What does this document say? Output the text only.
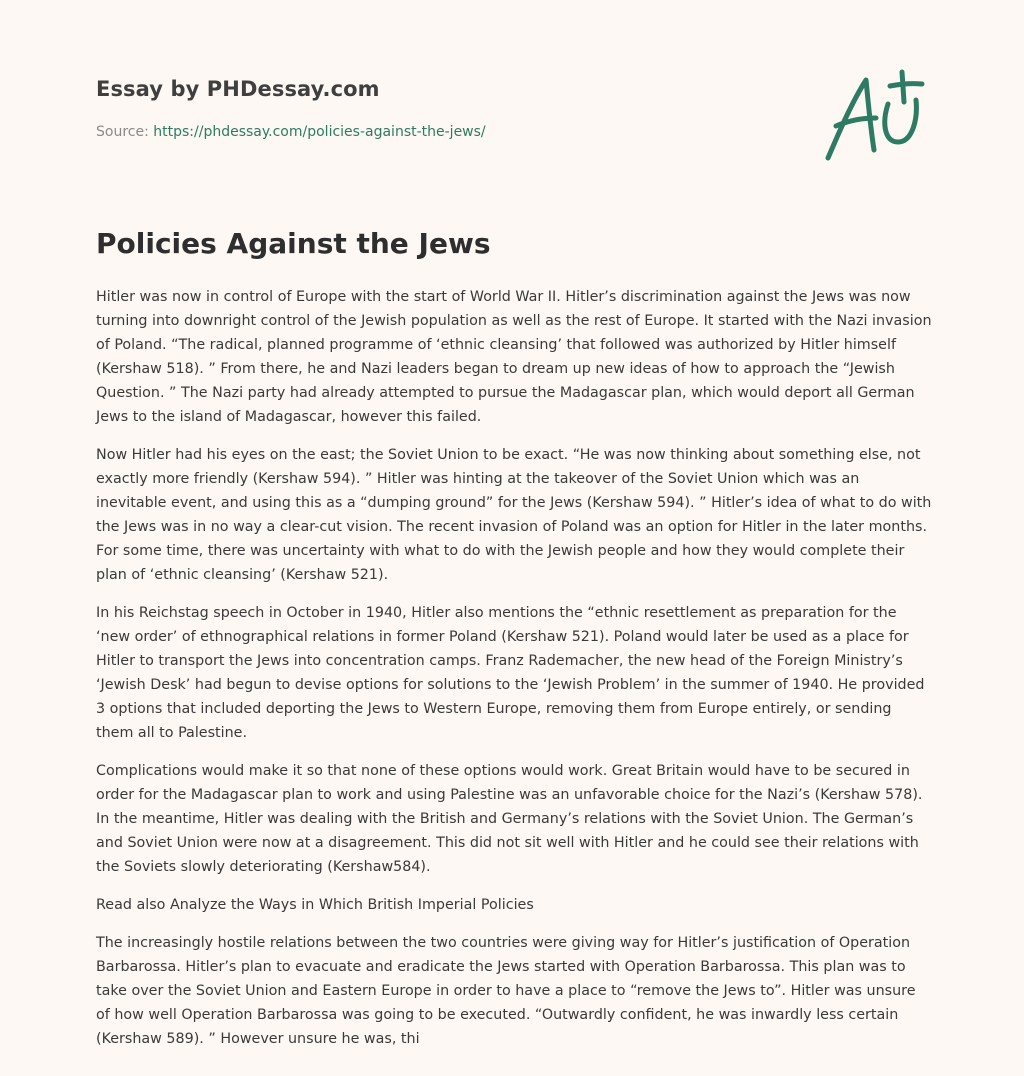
Essay by PHDessay.com
Source: https://phdessay.com/policies-against-the-jews/
Policies Against the Jews

Hitler was now in control of Europe with the start of World War II. Hitler’s discrimination against the Jews was now turning into downright control of the Jewish population as well as the rest of Europe. It started with the Nazi invasion of Poland. “The radical, planned programme of ‘ethnic cleansing’ that followed was authorized by Hitler himself (Kershaw 518). ” From there, he and Nazi leaders began to dream up new ideas of how to approach the “Jewish Question. ” The Nazi party had already attempted to pursue the Madagascar plan, which would deport all German Jews to the island of Madagascar, however this failed.

Now Hitler had his eyes on the east; the Soviet Union to be exact. “He was now thinking about something else, not exactly more friendly (Kershaw 594). ” Hitler was hinting at the takeover of the Soviet Union which was an inevitable event, and using this as a “dumping ground” for the Jews (Kershaw 594). ” Hitler’s idea of what to do with the Jews was in no way a clear-cut vision. The recent invasion of Poland was an option for Hitler in the later months. For some time, there was uncertainty with what to do with the Jewish people and how they would complete their plan of ‘ethnic cleansing’ (Kershaw 521).

In his Reichstag speech in October in 1940, Hitler also mentions the “ethnic resettlement as preparation for the ‘new order’ of ethnographical relations in former Poland (Kershaw 521). Poland would later be used as a place for Hitler to transport the Jews into concentration camps. Franz Rademacher, the new head of the Foreign Ministry’s ‘Jewish Desk’ had begun to devise options for solutions to the ‘Jewish Problem’ in the summer of 1940. He provided 3 options that included deporting the Jews to Western Europe, removing them from Europe entirely, or sending them all to Palestine.

Complications would make it so that none of these options would work. Great Britain would have to be secured in order for the Madagascar plan to work and using Palestine was an unfavorable choice for the Nazi’s (Kershaw 578). In the meantime, Hitler was dealing with the British and Germany’s relations with the Soviet Union. The German’s and Soviet Union were now at a disagreement. This did not sit well with Hitler and he could see their relations with the Soviets slowly deteriorating (Kershaw584).

Read also Analyze the Ways in Which British Imperial Policies

The increasingly hostile relations between the two countries were giving way for Hitler’s justification of Operation Barbarossa. Hitler’s plan to evacuate and eradicate the Jews started with Operation Barbarossa. This plan was to take over the Soviet Union and Eastern Europe in order to have a place to “remove the Jews to”. Hitler was unsure of how well Operation Barbarossa was going to be executed. “Outwardly confident, he was inwardly less certain (Kershaw 589). ” However unsure he was, thi
